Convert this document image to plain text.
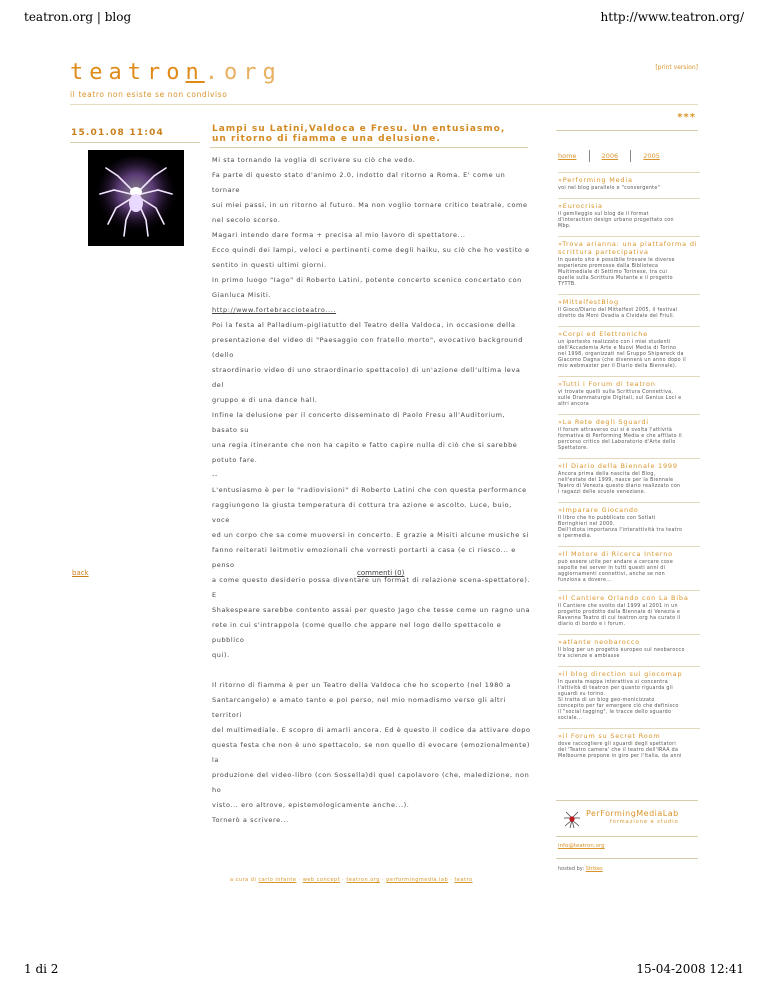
teatron.org | blog	http://www.teatron.org/
teatron.org
il teatro non esiste se non condiviso
[print version]
15.01.08 11:04	Lampi su Latini,Valdoca e Fresu. Un entusiasmo, un ritorno di fiamma e una delusione.
Mi sta tornando la voglia di scrivere su ciò che vedo.
Fa parte di questo stato d'animo 2.0, indotto dal ritorno a Roma. E' come un tornare
sui miei passi, in un ritorno al futuro. Ma non voglio tornare critico teatrale, come
nel secolo scorso.
Magari intendo dare forma + precisa al mio lavoro di spettatore...
Ecco quindi dei lampi, veloci e pertinenti come degli haiku, su ciò che ho vestito e
sentito in questi ultimi giorni.
In primo luogo "Iago" di Roberto Latini, potente concerto scenico concertato con
Gianluca Misiti.
http://www.fortebraccioteatro....
Poi la festa al Palladium-pigliatutto del Teatro della Valdoca, in occasione della
presentazione del video di "Paesaggio con fratello morto", evocativo background (dello
straordinario video di uno straordinario spettacolo) di un'azione dell'ultima leva del
gruppo e di una dance hall.
Infine la delusione per il concerto disseminato di Paolo Fresu all'Auditorium, basato su
una regia itinerante che non ha capito e fatto capire nulla di ciò che si sarebbe
potuto fare.
--
L'entusiasmo è per le "radiovisioni" di Roberto Latini che con questa performance
raggiungono la giusta temperatura di cottura tra azione e ascolto. Luce, buio, voce
ed un corpo che sa come muoversi in concerto. E grazie a Misiti alcune musiche si
fanno reiterati leitmotiv emozionali che vorresti portarti a casa (e ci riesco... e penso
a come questo desiderio possa diventare un format di relazione scena-spettatore). E
Shakespeare sarebbe contento assai per questo Jago che tesse come un ragno una
rete in cui s'intrappola (come quello che appare nel logo dello spettacolo e pubblico
qui).
Il ritorno di fiamma è per un Teatro della Valdoca che ho scoperto (nel 1980 a
Santarcangelo) e amato tanto e poi perso, nel mio nomadismo verso gli altri territori
del multimediale. E scopro di amarli ancora. Ed è questo il codice da attivare dopo
questa festa che non è uno spettacolo, se non quello di evocare (emozionalmente) la
produzione del video-libro (con Sossella)di quel capolavoro (che, maledizione, non ho
visto... ero altrove, epistemologicamente anche...).
Tornerò a scrivere...
back	commenti (0)
***
home	2006	2005
»Performing Media
voi nel blog parallelo e "convergente"
»Eurocrisia
il gemlleggio sul blog de il format
d'interaction design urbano progettato con
Mbp.
»Trova arianna: una piattaforma di scrittura partecipativa
In questo sito è possibile trovare le diverse
esperienze promosse dalla Biblioteca
Multimediale di Settimo Torinese, tra cui
quelle sulla Scrittura Mutante e il progetto
TYTTB.
»MittelfestBlog
Il Gioco/Diario del Mittelfest 2005, il festival
diretto da Moni Ovadia a Cividale del Friuli.
»Corpi ed Elettroniche
un ipertesto realizzato con i miei studenti
dell'Accademia Arte e Nuovi Media di Torino
nel 1998, organizzati nel Gruppo Shipwreck da
Giacomo Dagna (che divennerà un anno dopo il
mio webmaster per il Diario della Biennale).
»Tutti i Forum di teatron
vi trovate quelli sulla Scrittura Connettiva,
sulle Drammaturgie Digitali, sul Genius Loci e
altri ancora
»La Rete degli Sguardi
il forum attraverso cui si è svolta l'attività
formativa di Performing Media e che affilato il
percorso critico del Laboratorio d'Arte dello
Spettatore.
»Il Diario della Biennale 1999
Ancora prima della nascita del Blog,
nell'estate del 1999, nasce per la Biennale
Teatro di Venezia questo diario realizzato con
i ragazzi delle scuole veneziane.
»Imparare Giocando
Il libro che ho pubblicato con Sotlati
Boringhieri nel 2000.
Dell'idiota importanza l'interattività tra teatro
e ipermedia.
»Il Motore di Ricerca Interno
può essere utile per andare a cercare cose
sepolte nei server in tutti questi anni di
aggiornamenti connettivi, anche se non
funziona a dovere...
»Il Cantiere Orlando con La Biba
Il Cantiere che svolto dal 1999 al 2001 in un
progetto prodotto dalla Biennale di Venezia e
Ravenna Teatro di cui teatron.org ha curato il
diario di bordo e i forum.
»atlante neobarocco
Il blog per un progetto europeo sul neobarocco
tra scienze e ambiasse
»il blog direction sui giocomap
In questa mappa interattiva si concentra
l'attività di teatron per quanto riguarda gli
sguardi su torino.
Si tratta di un blog geo-monicizzato
concepito per far emergere ciò che definisco
il "social tagging", le tracce dello sguardo
sociale...
»il Forum su Secret Room
dove raccogliere gli sguardi degli spettatori
del 'Teatro camera' che il teatro dell'IRAA da
Melbourne propone in giro per l'Italia, da anni
PerFormingMediaLab
formazione e studio
info@teatron.org
hosted by: Strikes
a cura di carlo infante · web concept · teatron.org · performingmedia.lab · teatro
1 di 2	15-04-2008 12:41
